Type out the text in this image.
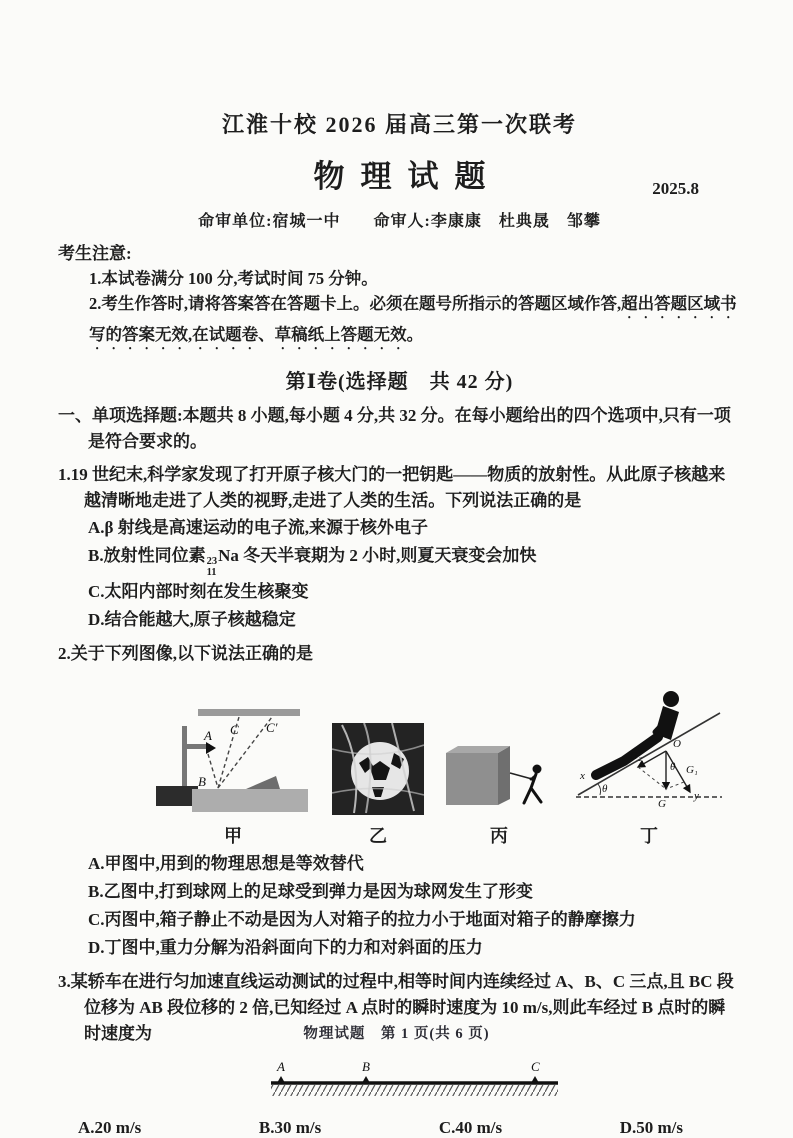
江淮十校 2026 届高三第一次联考
物理试题	2025.8
命审单位:宿城一中 命审人:李康康　杜典晟　邹攀
考生注意:
1.本试卷满分 100 分,考试时间 75 分钟。
2.考生作答时,请将答案答在答题卡上。必须在题号所指示的答题区域作答,超出答题区域书写的答案无效,在试题卷、草稿纸上答题无效。
第Ⅰ卷(选择题　共 42 分)
一、单项选择题:本题共 8 小题,每小题 4 分,共 32 分。在每小题给出的四个选项中,只有一项是符合要求的。
1.19 世纪末,科学家发现了打开原子核大门的一把钥匙——物质的放射性。从此原子核越来越清晰地走进了人类的视野,走进了人类的生活。下列说法正确的是
A.β 射线是高速运动的电子流,来源于核外电子
B.放射性同位素 23
11
Na 冬天半衰期为 2 小时,则夏天衰变会加快
C.太阳内部时刻在发生核聚变
D.结合能越大,原子核越稳定
2.关于下列图像,以下说法正确的是
C C′
A
B
甲	乙	丙
θ
x
O
G
G₁
y
G₂
θ
丁
A.甲图中,用到的物理思想是等效替代
B.乙图中,打到球网上的足球受到弹力是因为球网发生了形变
C.丙图中,箱子静止不动是因为人对箱子的拉力小于地面对箱子的静摩擦力
D.丁图中,重力分解为沿斜面向下的力和对斜面的压力
3.某轿车在进行匀加速直线运动测试的过程中,相等时间内连续经过 A、B、C 三点,且 BC 段位移为 AB 段位移的 2 倍,已知经过 A 点时的瞬时速度为 10 m/s,则此车经过 B 点时的瞬时速度为
A	B	C
A.20 m/s	B.30 m/s	C.40 m/s	D.50 m/s
物理试题　第 1 页(共 6 页)
